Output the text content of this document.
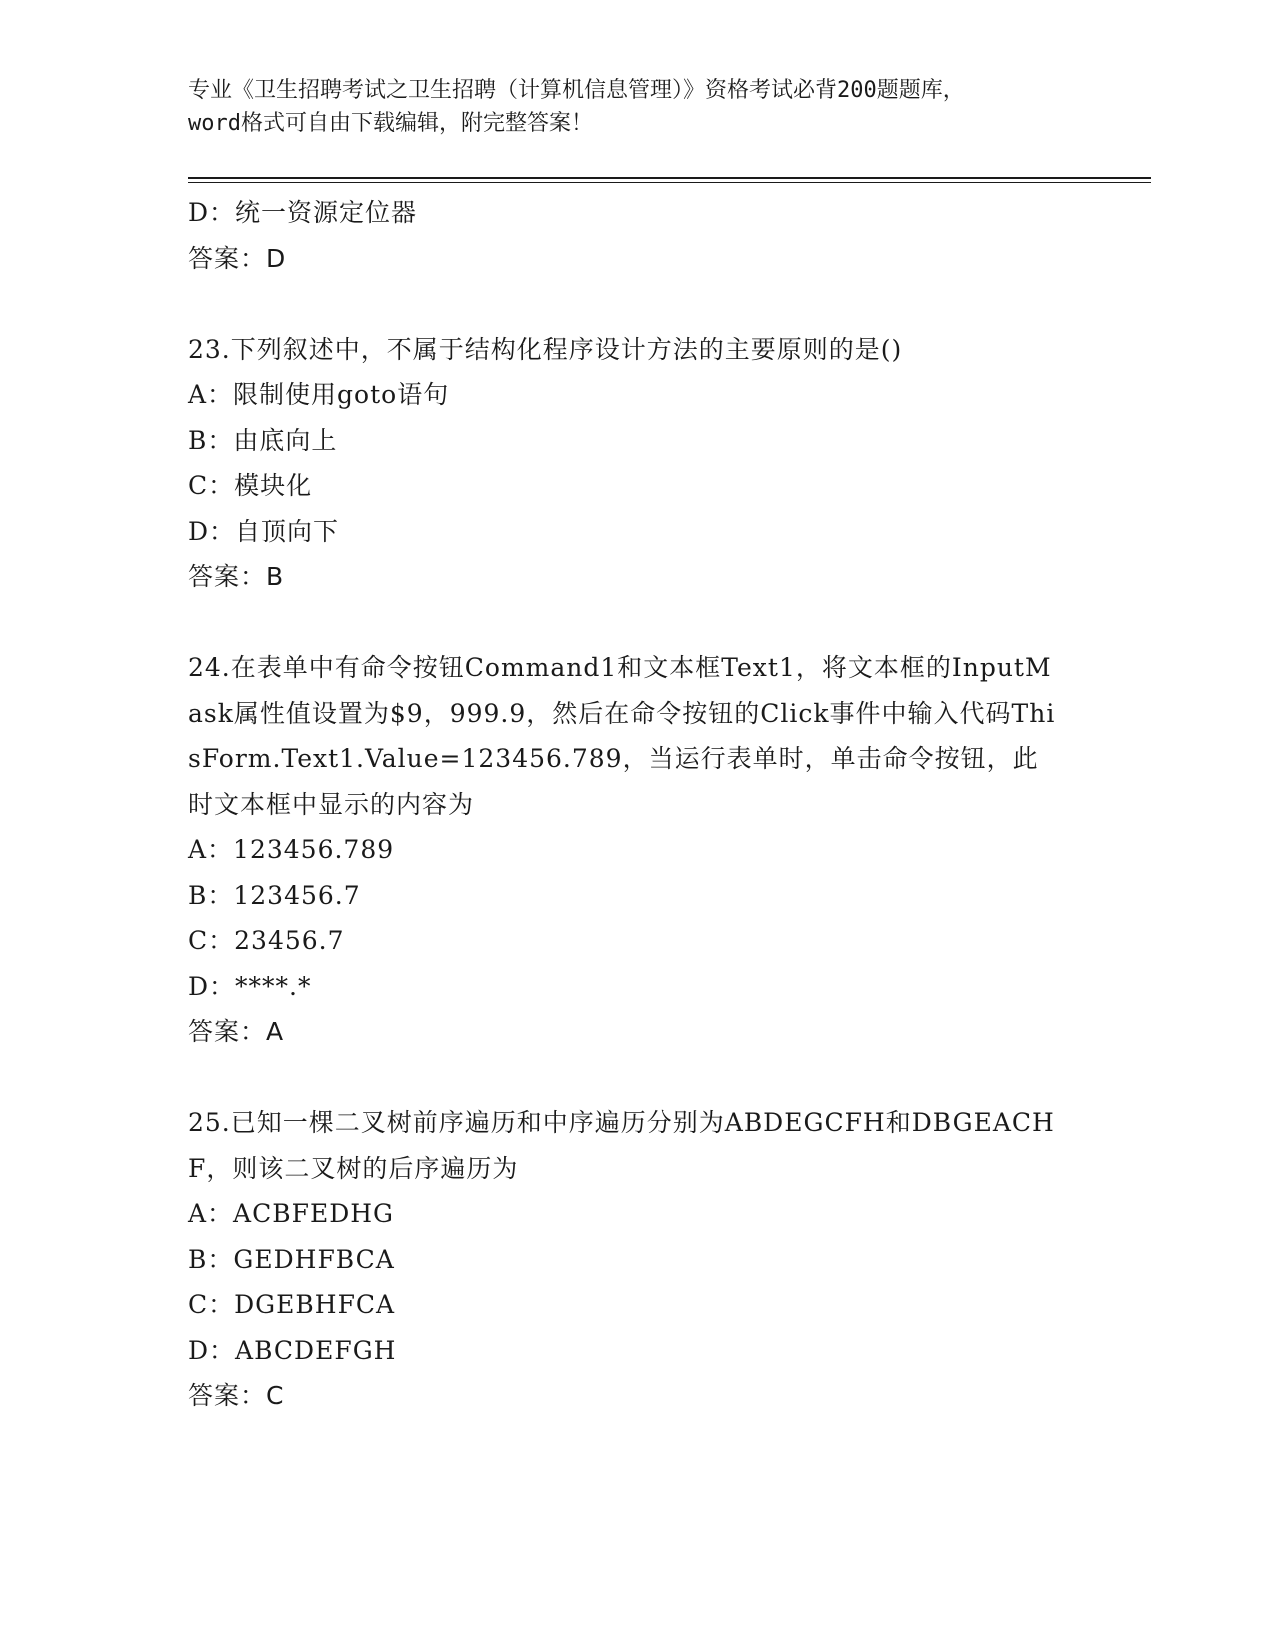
专业《卫生招聘考试之卫生招聘（计算机信息管理）》资格考试必背200题题库，
word格式可自由下载编辑，附完整答案！
D：统一资源定位器
答案：D
23.下列叙述中，不属于结构化程序设计方法的主要原则的是()
A：限制使用goto语句
B：由底向上
C：模块化
D：自顶向下
答案：B
24.在表单中有命令按钮Command1和文本框Text1，将文本框的InputMask属性值设置为$9，999.9，然后在命令按钮的Click事件中输入代码ThisForm.Text1.Value=123456.789，当运行表单时，单击命令按钮，此时文本框中显示的内容为
A：123456.789
B：123456.7
C：23456.7
D：****.*
答案：A
25.已知一棵二叉树前序遍历和中序遍历分别为ABDEGCFH和DBGEACHF，则该二叉树的后序遍历为
A：ACBFEDHG
B：GEDHFBCA
C：DGEBHFCA
D：ABCDEFGH
答案：C
